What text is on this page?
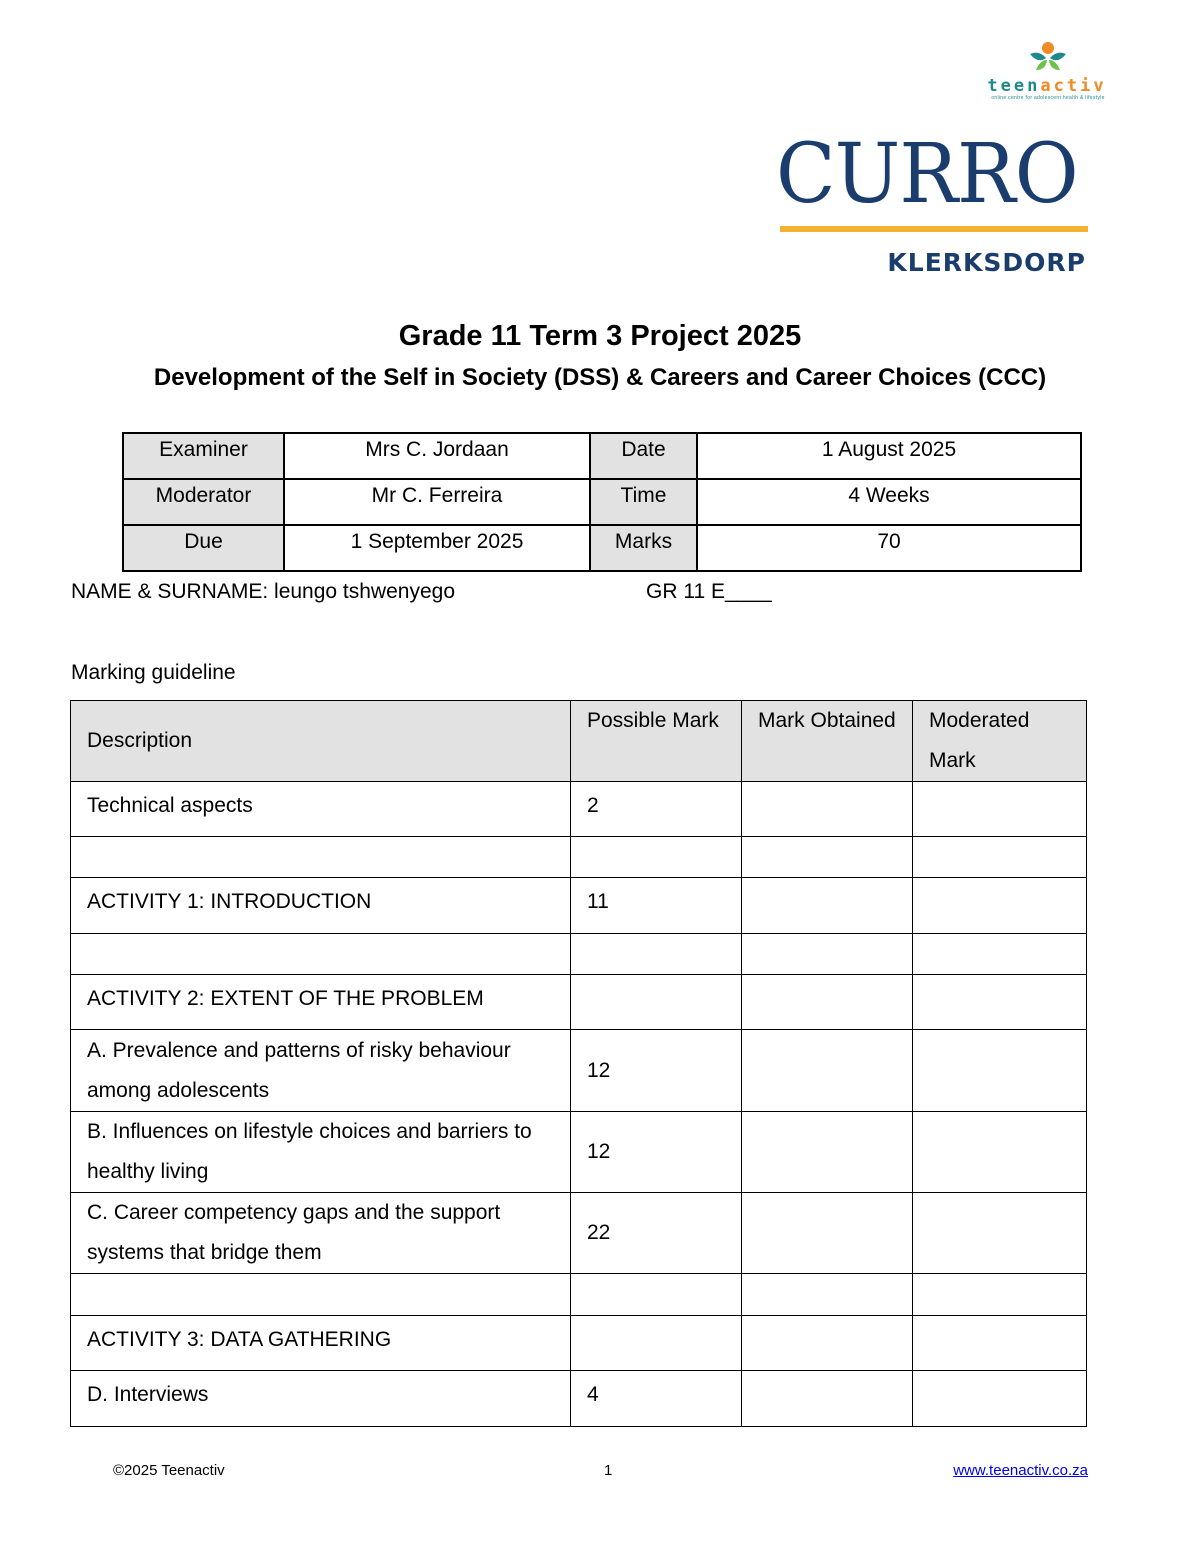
teenactiv
online centre for adolescent health & lifestyle
CURRO
KLERKSDORP
Grade 11 Term 3 Project 2025
Development of the Self in Society (DSS) & Careers and Career Choices (CCC)
Examiner	Mrs C. Jordaan	Date	1 August 2025
Moderator	Mr C. Ferreira	Time	4 Weeks
Due	1 September 2025	Marks	70
NAME & SURNAME: leungo tshwenyego	GR 11 E____
Marking guideline
Description	Possible Mark	Mark Obtained	Moderated Mark
Technical aspects	2		

ACTIVITY 1: INTRODUCTION	11		

ACTIVITY 2: EXTENT OF THE PROBLEM			
A. Prevalence and patterns of risky behaviour among adolescents	12		
B. Influences on lifestyle choices and barriers to healthy living	12		
C. Career competency gaps and the support systems that bridge them	22		

ACTIVITY 3: DATA GATHERING			
D. Interviews	4		
©2025 Teenactiv	1	www.teenactiv.co.za
